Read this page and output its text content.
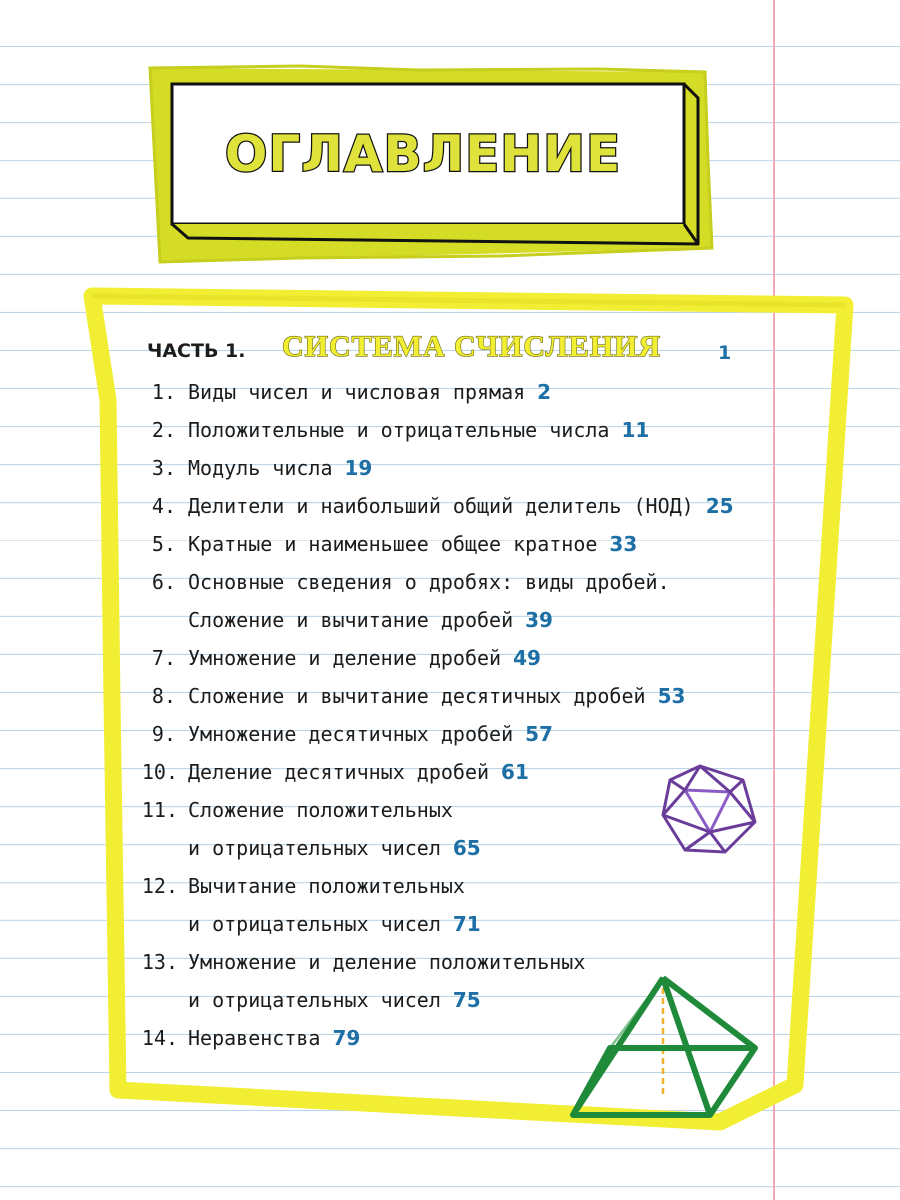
ОГЛАВЛЕНИЕ
ЧАСТЬ 1. СИСТЕМА СЧИСЛЕНИЯ	1
1. Виды чисел и числовая прямая 2
2. Положительные и отрицательные числа 11
3. Модуль числа 19
4. Делители и наибольший общий делитель (НОД) 25
5. Кратные и наименьшее общее кратное 33
6. Основные сведения о дробях: виды дробей.
Сложение и вычитание дробей 39
7. Умножение и деление дробей 49
8. Сложение и вычитание десятичных дробей 53
9. Умножение десятичных дробей 57
10. Деление десятичных дробей 61
11. Сложение положительных
и отрицательных чисел 65
12. Вычитание положительных
и отрицательных чисел 71
13. Умножение и деление положительных
и отрицательных чисел 75
14. Неравенства 79
